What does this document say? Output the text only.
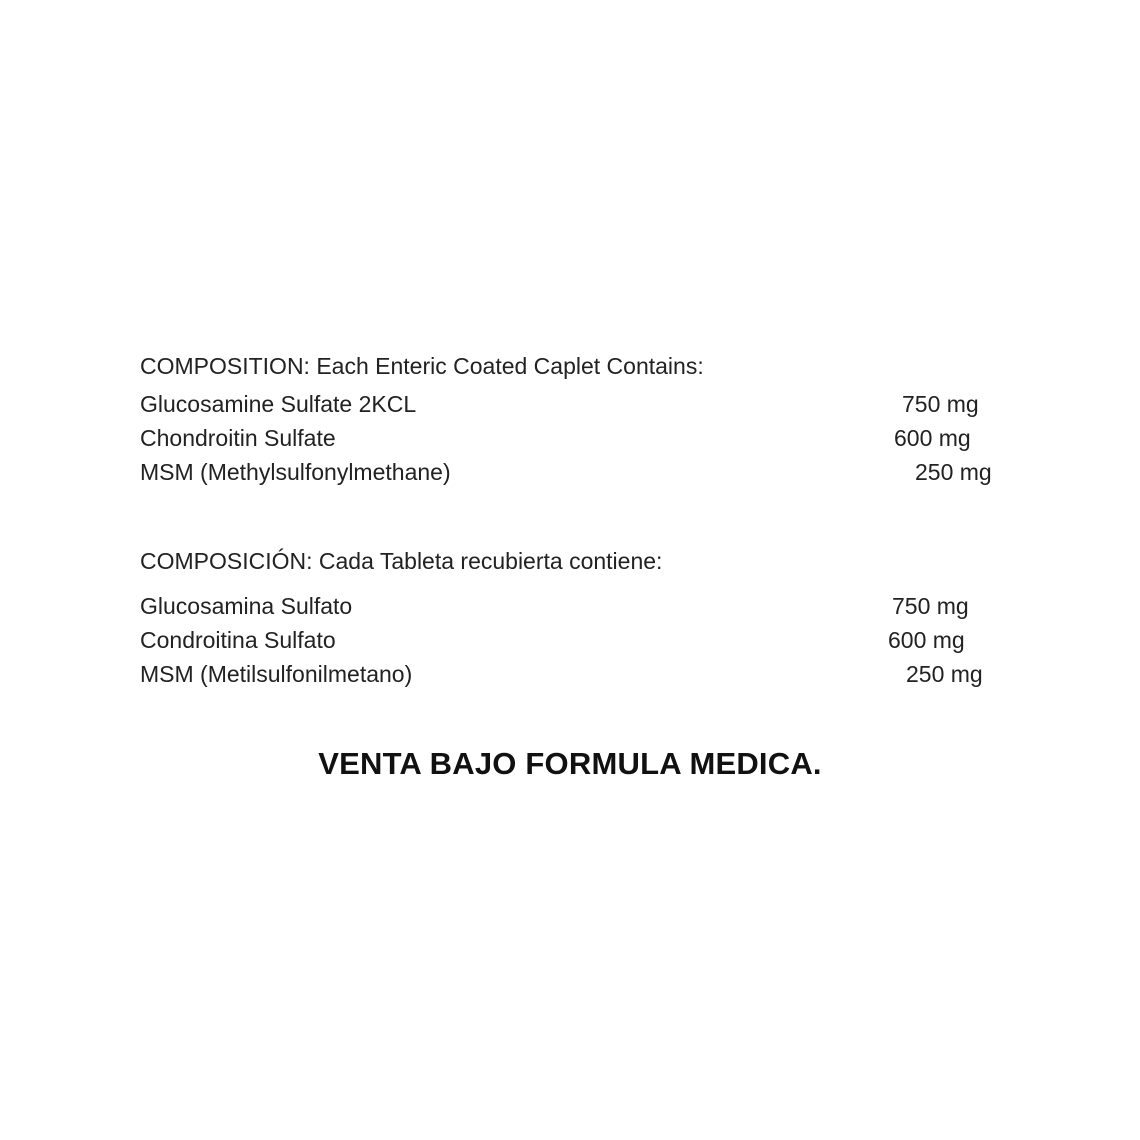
COMPOSITION: Each Enteric Coated Caplet Contains:
Glucosamine Sulfate 2KCL	750 mg
Chondroitin Sulfate	600 mg
MSM (Methylsulfonylmethane)	250 mg
COMPOSICIÓN: Cada Tableta recubierta contiene:
Glucosamina Sulfato	750 mg
Condroitina Sulfato	600 mg
MSM (Metilsulfonilmetano)	250 mg
VENTA BAJO FORMULA MEDICA.
